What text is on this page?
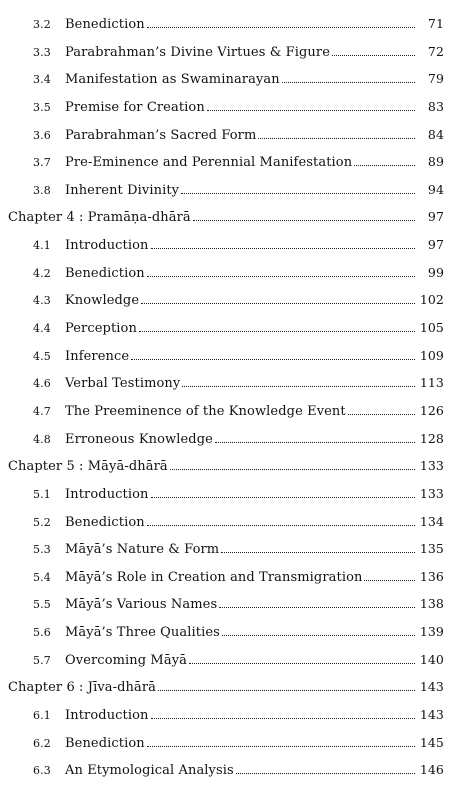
3.2	Benediction	71
3.3	Parabrahman’s Divine Virtues & Figure	72
3.4	Manifestation as Swaminarayan	79
3.5	Premise for Creation	83
3.6	Parabrahman’s Sacred Form	84
3.7	Pre-Eminence and Perennial Manifestation	89
3.8	Inherent Divinity	94
Chapter 4 : Pramāṇa-dhārā	97
4.1	Introduction	97
4.2	Benediction	99
4.3	Knowledge	102
4.4	Perception	105
4.5	Inference	109
4.6	Verbal Testimony	113
4.7	The Preeminence of the Knowledge Event	126
4.8	Erroneous Knowledge	128
Chapter 5 : Māyā-dhārā	133
5.1	Introduction	133
5.2	Benediction	134
5.3	Māyā’s Nature & Form	135
5.4	Māyā’s Role in Creation and Transmigration	136
5.5	Māyā’s Various Names	138
5.6	Māyā’s Three Qualities	139
5.7	Overcoming Māyā	140
Chapter 6 : Jīva-dhārā	143
6.1	Introduction	143
6.2	Benediction	145
6.3	An Etymological Analysis	146
